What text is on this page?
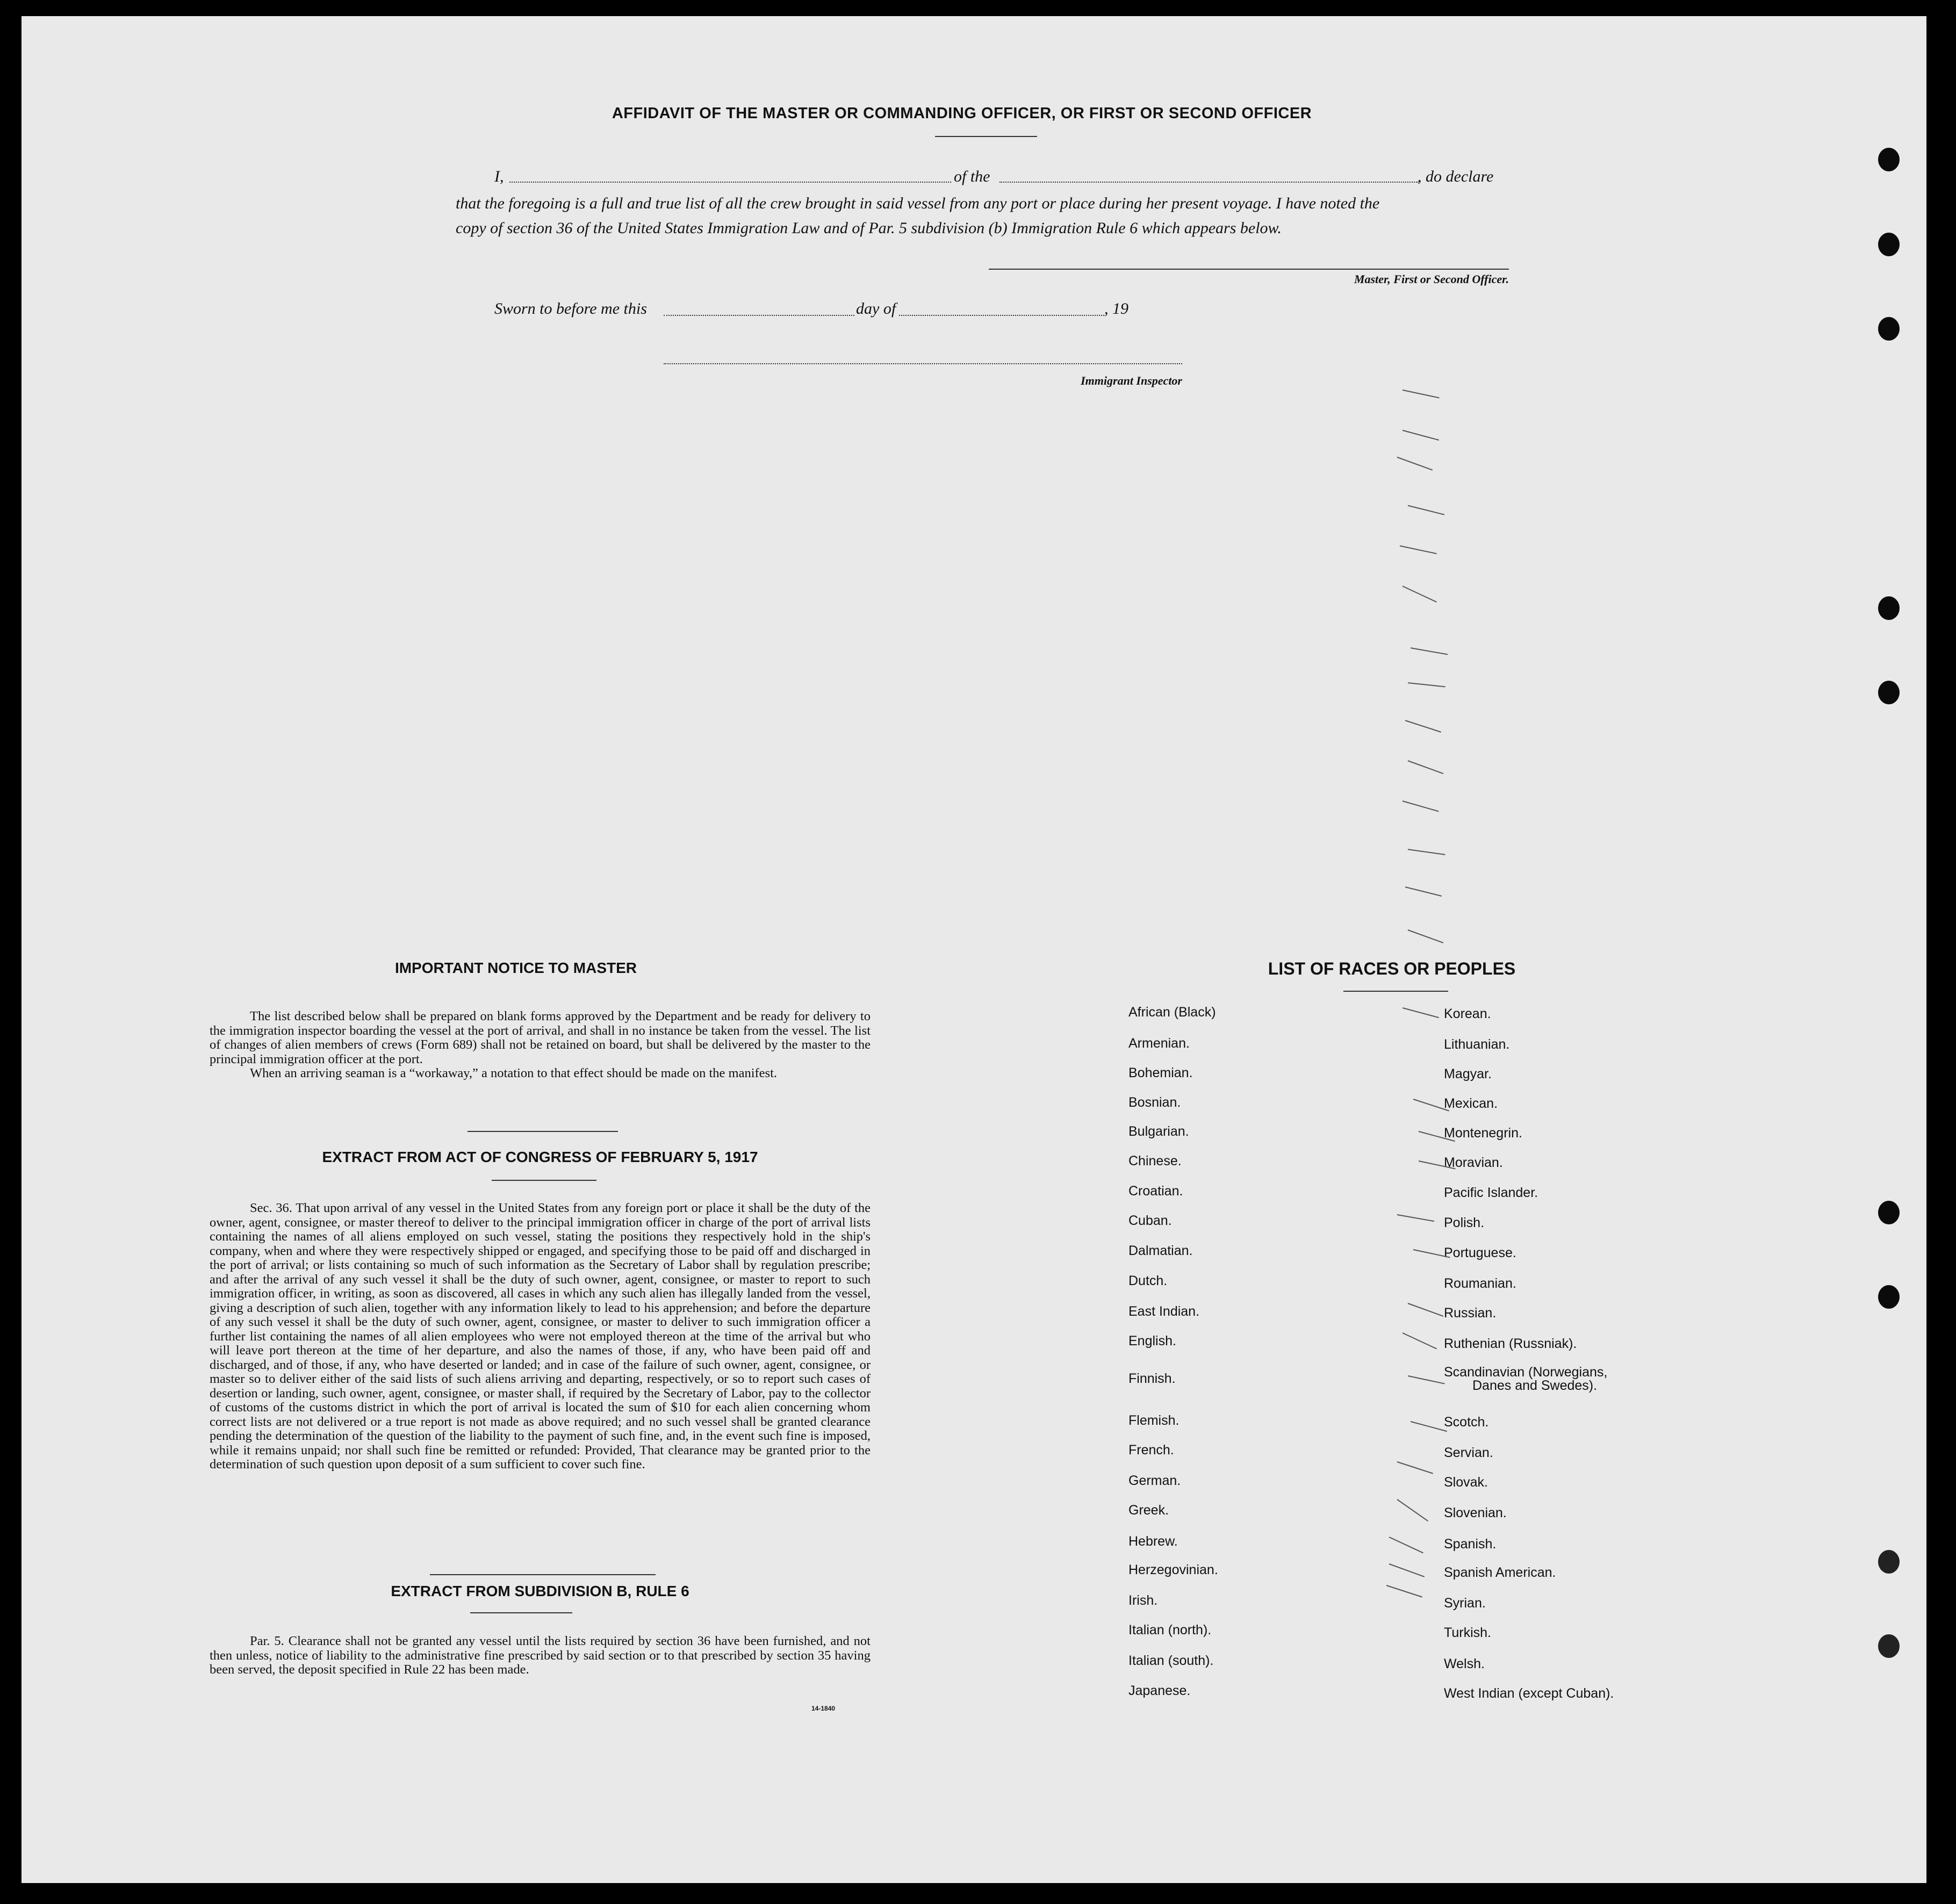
AFFIDAVIT OF THE MASTER OR COMMANDING OFFICER, OR FIRST OR SECOND OFFICER
I,	of the	, do declare
that the foregoing is a full and true list of all the crew brought in said vessel from any port or place during her present voyage. I have noted the
copy of section 36 of the United States Immigration Law and of Par. 5 subdivision (b) Immigration Rule 6 which appears below.
Master, First or Second Officer.
Sworn to before me this	day of	, 19
Immigrant Inspector
IMPORTANT NOTICE TO MASTER

The list described below shall be prepared on blank forms approved by the Department and be ready for delivery to the immigration inspector boarding the vessel at the port of arrival, and shall in no instance be taken from the vessel. The list of changes of alien members of crews (Form 689) shall not be retained on board, but shall be delivered by the master to the principal immigration officer at the port.

When an arriving seaman is a “workaway,” a notation to that effect should be made on the manifest.

EXTRACT FROM ACT OF CONGRESS OF FEBRUARY 5, 1917

Sec. 36. That upon arrival of any vessel in the United States from any foreign port or place it shall be the duty of the owner, agent, consignee, or master thereof to deliver to the principal immigration officer in charge of the port of arrival lists containing the names of all aliens employed on such vessel, stating the positions they respectively hold in the ship's company, when and where they were respectively shipped or engaged, and specifying those to be paid off and discharged in the port of arrival; or lists containing so much of such information as the Secretary of Labor shall by regulation prescribe; and after the arrival of any such vessel it shall be the duty of such owner, agent, consignee, or master to report to such immigration officer, in writing, as soon as discovered, all cases in which any such alien has illegally landed from the vessel, giving a description of such alien, together with any information likely to lead to his apprehension; and before the departure of any such vessel it shall be the duty of such owner, agent, consignee, or master to deliver to such immigration officer a further list containing the names of all alien employees who were not employed thereon at the time of the arrival but who will leave port thereon at the time of her departure, and also the names of those, if any, who have been paid off and discharged, and of those, if any, who have deserted or landed; and in case of the failure of such owner, agent, consignee, or master so to deliver either of the said lists of such aliens arriving and departing, respectively, or so to report such cases of desertion or landing, such owner, agent, consignee, or master shall, if required by the Secretary of Labor, pay to the collector of customs of the customs district in which the port of arrival is located the sum of $10 for each alien concerning whom correct lists are not delivered or a true report is not made as above required; and no such vessel shall be granted clearance pending the determination of the question of the liability to the payment of such fine, and, in the event such fine is imposed, while it remains unpaid; nor shall such fine be remitted or refunded: Provided, That clearance may be granted prior to the determination of such question upon deposit of a sum sufficient to cover such fine.

EXTRACT FROM SUBDIVISION B, RULE 6

Par. 5. Clearance shall not be granted any vessel until the lists required by section 36 have been furnished, and not then unless, notice of liability to the administrative fine prescribed by said section or to that prescribed by section 35 having been served, the deposit specified in Rule 22 has been made.

14-1840
LIST OF RACES OR PEOPLES
African (Black)
Armenian.
Bohemian.
Bosnian.
Bulgarian.
Chinese.
Croatian.
Cuban.
Dalmatian.
Dutch.
East Indian.
English.
Finnish.
Flemish.
French.
German.
Greek.
Hebrew.
Herzegovinian.
Irish.
Italian (north).
Italian (south).
Japanese.
Korean.
Lithuanian.
Magyar.
Mexican.
Montenegrin.
Moravian.
Pacific Islander.
Polish.
Portuguese.
Roumanian.
Russian.
Ruthenian (Russniak).
Scandinavian (Norwegians,
Scotch.
Servian.
Slovak.
Slovenian.
Spanish.
Spanish American.
Syrian.
Turkish.
Welsh.
West Indian (except Cuban).
Danes and Swedes).
